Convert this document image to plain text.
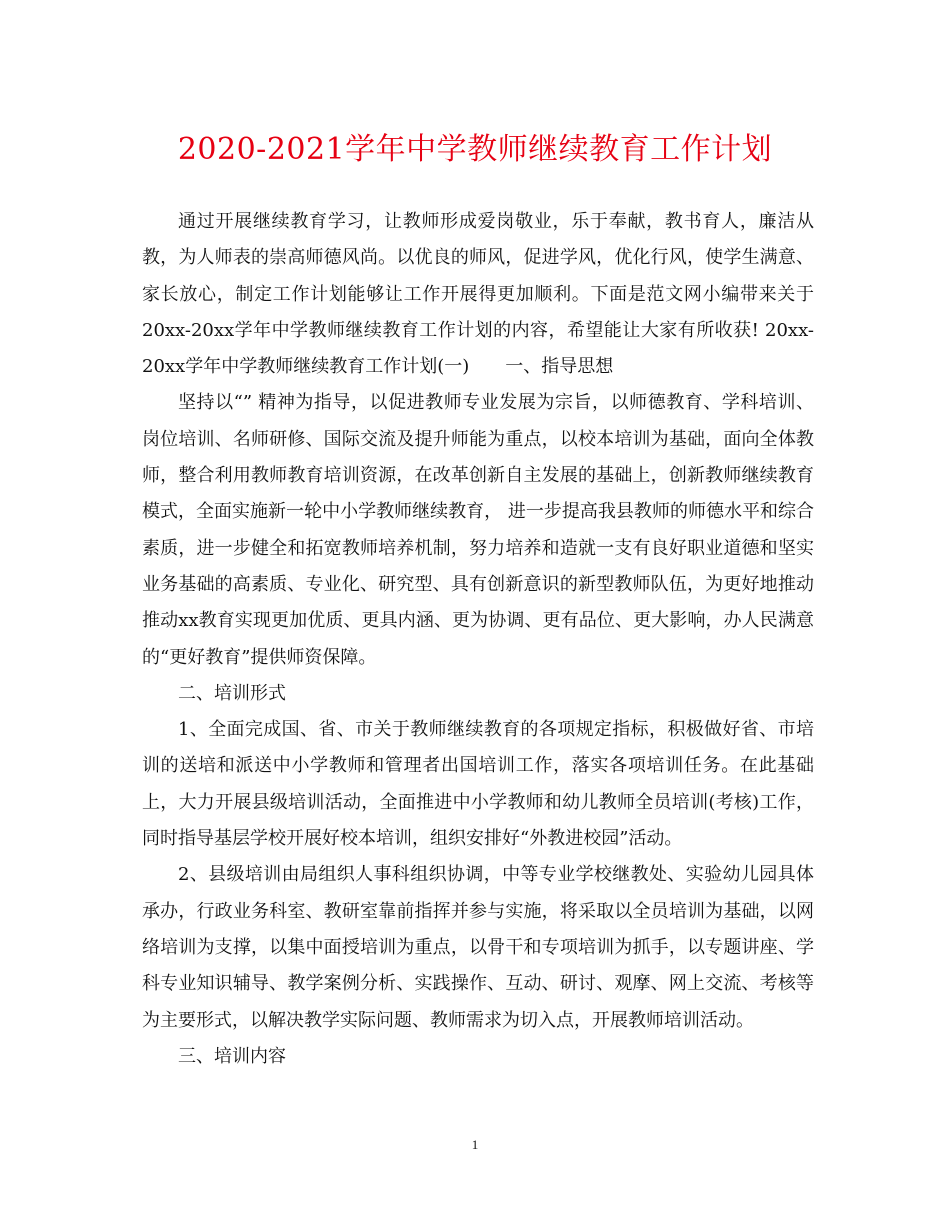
2020-2021学年中学教师继续教育工作计划

通过开展继续教育学习，让教师形成爱岗敬业，乐于奉献，教书育人，廉洁从教，为人师表的崇高师德风尚。以优良的师风，促进学风，优化行风，使学生满意、家长放心，制定工作计划能够让工作开展得更加顺利。下面是范文网小编带来关于20xx-20xx学年中学教师继续教育工作计划的内容，希望能让大家有所收获! 20xx-20xx学年中学教师继续教育工作计划(一)　　一、指导思想

坚持以“” 精神为指导，以促进教师专业发展为宗旨，以师德教育、学科培训、岗位培训、名师研修、国际交流及提升师能为重点，以校本培训为基础，面向全体教师，整合利用教师教育培训资源，在改革创新自主发展的基础上，创新教师继续教育模式，全面实施新一轮中小学教师继续教育， 进一步提高我县教师的师德水平和综合素质，进一步健全和拓宽教师培养机制，努力培养和造就一支有良好职业道德和坚实业务基础的高素质、专业化、研究型、具有创新意识的新型教师队伍，为更好地推动推动xx教育实现更加优质、更具内涵、更为协调、更有品位、更大影响，办人民满意的“更好教育”提供师资保障。

二、培训形式

1、全面完成国、省、市关于教师继续教育的各项规定指标，积极做好省、市培训的送培和派送中小学教师和管理者出国培训工作，落实各项培训任务。在此基础上，大力开展县级培训活动，全面推进中小学教师和幼儿教师全员培训(考核)工作，同时指导基层学校开展好校本培训，组织安排好“外教进校园”活动。

2、县级培训由局组织人事科组织协调，中等专业学校继教处、实验幼儿园具体承办，行政业务科室、教研室靠前指挥并参与实施，将采取以全员培训为基础，以网络培训为支撑，以集中面授培训为重点，以骨干和专项培训为抓手，以专题讲座、学科专业知识辅导、教学案例分析、实践操作、互动、研讨、观摩、网上交流、考核等为主要形式，以解决教学实际问题、教师需求为切入点，开展教师培训活动。

三、培训内容

1
